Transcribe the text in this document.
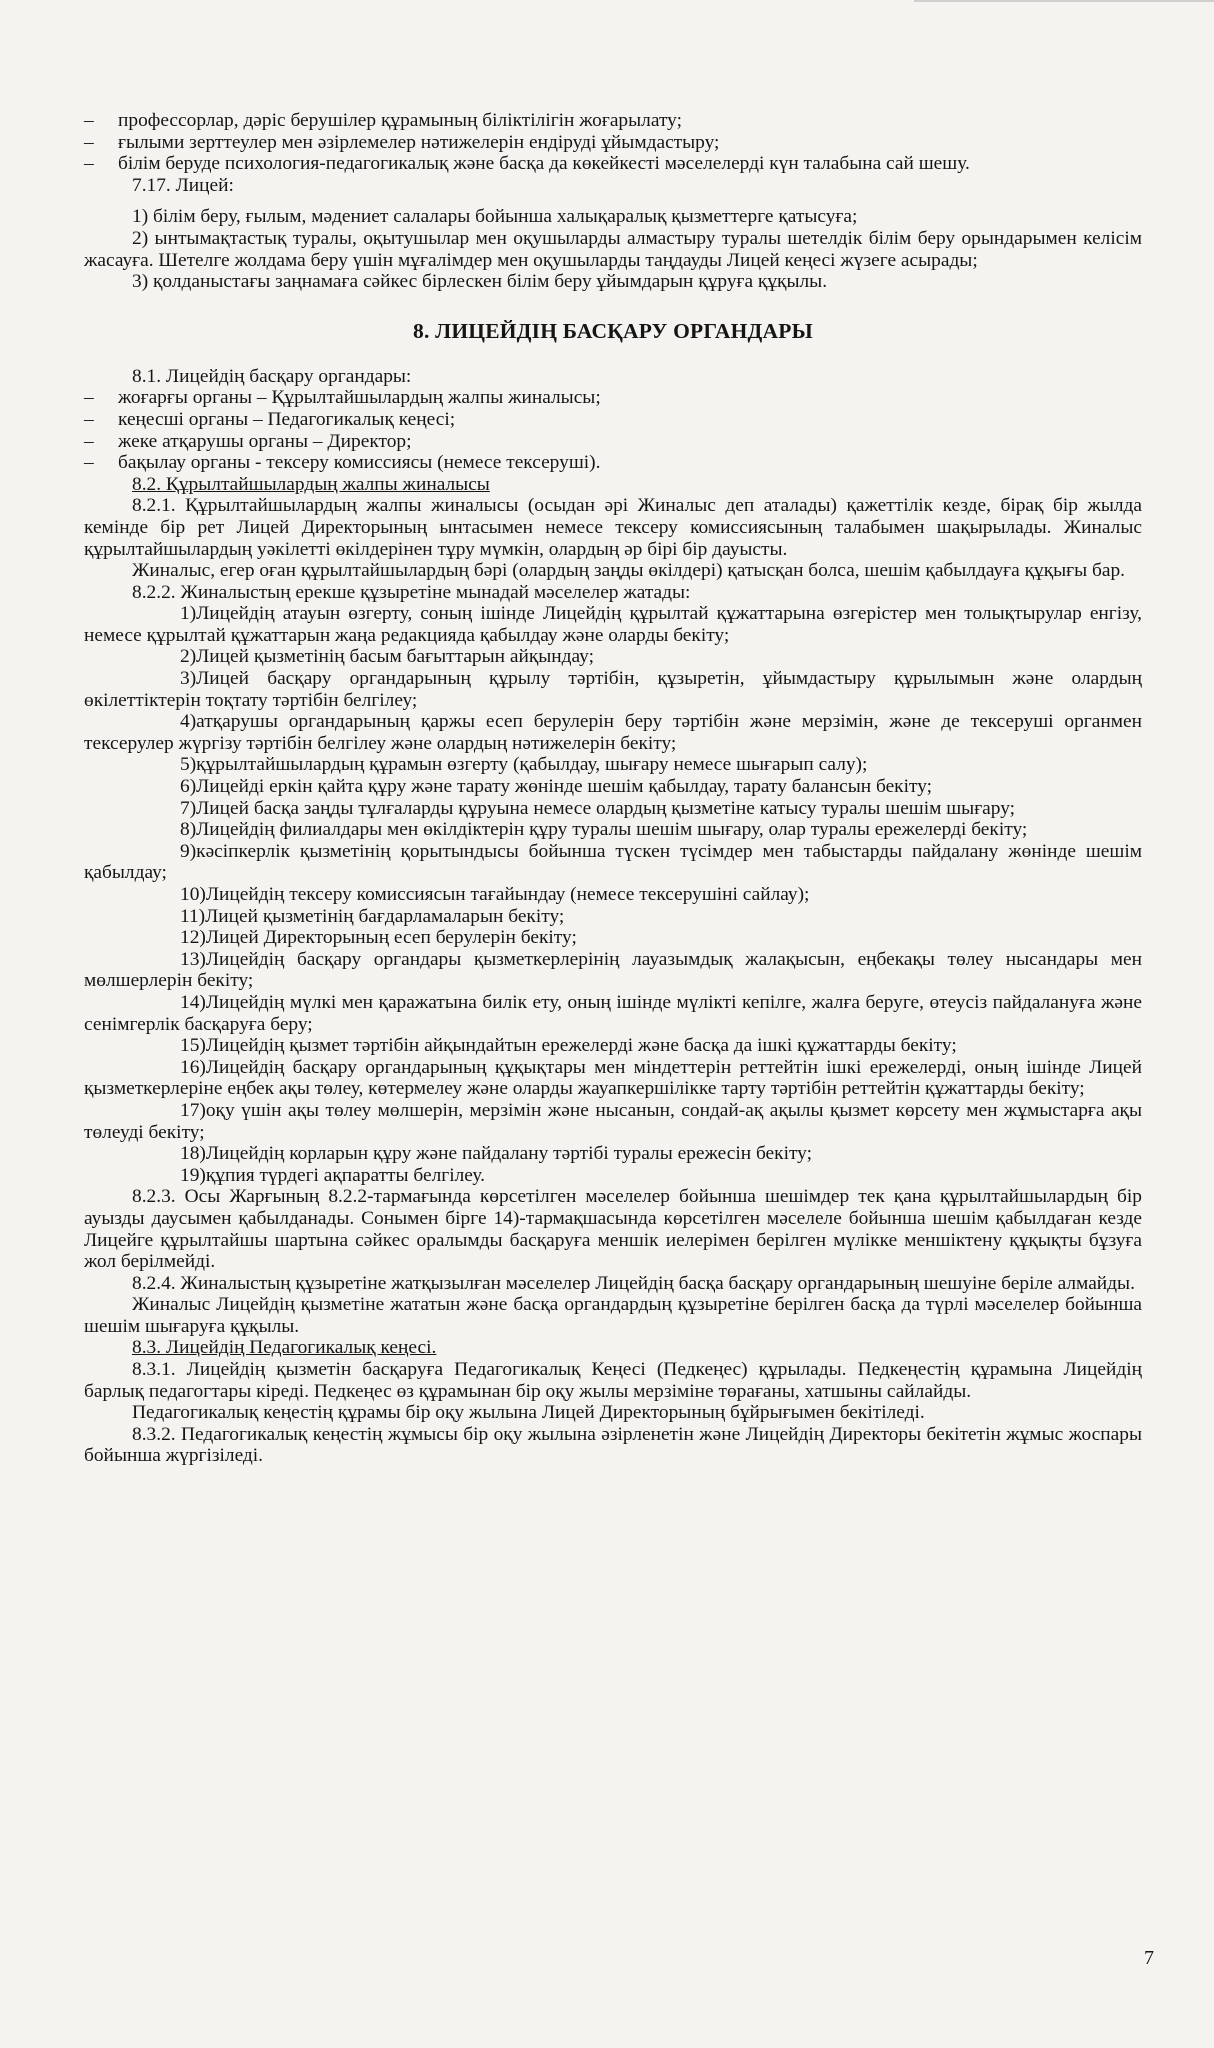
–	професcорлар, дәріс берушілер құрамының біліктілігін жоғарылату;
–	ғылыми зерттеулер мен әзірлемелер нәтижелерін ендіруді ұйымдастыру;
–	білім беруде психология-педагогикалық және басқа да көкейкесті мәселелерді күн талабына сай шешу.

7.17. Лицей:

1) білім беру, ғылым, мәдениет салалары бойынша халықаралық қызметтерге қатысуға;

2) ынтымақтастық туралы, оқытушылар мен оқушыларды алмастыру туралы шетелдік білім беру орындарымен келісім жасауға. Шетелге жолдама беру үшін мұғалімдер мен оқушыларды таңдауды Лицей кеңесі жүзеге асырады;

3) қолданыстағы заңнамаға сәйкес бірлескен білім беру ұйымдарын құруға құқылы.

8. ЛИЦЕЙДІҢ БАСҚАРУ ОРГАНДАРЫ

8.1. Лицейдің басқару органдары:

–	жоғарғы органы – Құрылтайшылардың жалпы жиналысы;
–	кеңесші органы – Педагогикалық кеңесі;
–	жеке атқарушы органы – Директор;
–	бақылау органы - тексеру комиссиясы (немесе тексеруші).

8.2. Құрылтайшылардың жалпы жиналысы

8.2.1. Құрылтайшылардың жалпы жиналысы (осыдан әрі Жиналыс деп аталады) қажеттілік кезде, бірақ бір жылда кемінде бір рет Лицей Директорының ынтасымен немесе тексеру комиссиясының талабымен шақырылады. Жиналыс құрылтайшылардың уәкілетті өкілдерінен тұру мүмкін, олардың әр бірі бір дауысты.

Жиналыс, егер оған құрылтайшылардың бәрі (олардың заңды өкілдері) қатысқан болса, шешім қабылдауға құқығы бар.

8.2.2. Жиналыстың ерекше құзыретіне мынадай мәселелер жатады:

1)Лицейдің атауын өзгерту, соның ішінде Лицейдің құрылтай құжаттарына өзгерістер мен толықтырулар енгізу, немесе құрылтай құжаттарын жаңа редакцияда қабылдау және оларды бекіту;

2)Лицей қызметінің басым бағыттарын айқындау;

3)Лицей басқару органдарының құрылу тәртібін, құзыретін, ұйымдастыру құрылымын және олардың өкілеттіктерін тоқтату тәртібін белгілеу;

4)атқарушы органдарының қаржы есеп берулерін беру тәртібін және мерзімін, және де тексеруші органмен тексерулер жүргізу тәртібін белгілеу және олардың нәтижелерін бекіту;

5)құрылтайшылардың құрамын өзгерту (қабылдау, шығару немесе шығарып салу);

6)Лицейді еркін қайта құру және тарату жөнінде шешім қабылдау, тарату балансын бекіту;

7)Лицей басқа заңды тұлғаларды құруына немесе олардың қызметіне катысу туралы шешім шығару;

8)Лицейдің филиалдары мен өкілдіктерін құру туралы шешім шығару, олар туралы ережелерді бекіту;

9)кәсіпкерлік қызметінің қорытындысы бойынша түскен түсімдер мен табыстарды пайдалану жөнінде шешім қабылдау;

10)Лицейдің тексеру комиссиясын тағайындау (немесе тексерушіні сайлау);

11)Лицей қызметінің бағдарламаларын бекіту;

12)Лицей Директорының есеп берулерін бекіту;

13)Лицейдің басқару органдары қызметкерлерінің лауазымдық жалақысын, еңбекақы төлеу нысандары мен мөлшерлерін бекіту;

14)Лицейдің мүлкі мен қаражатына билік ету, оның ішінде мүлікті кепілге, жалға беруге, өтеусіз пайдалануға және сенімгерлік басқаруға беру;

15)Лицейдің қызмет тәртібін айқындайтын ережелерді және басқа да ішкі құжаттарды бекіту;

16)Лицейдің басқару органдарының құқықтары мен міндеттерін реттейтін ішкі ережелерді, оның ішінде Лицей қызметкерлеріне еңбек ақы төлеу, көтермелеу және оларды жауапкершілікке тарту тәртібін реттейтін құжаттарды бекіту;

17)оқу үшін ақы төлеу мөлшерін, мерзімін және нысанын, сондай-ақ ақылы қызмет көрсету мен жұмыстарға ақы төлеуді бекіту;

18)Лицейдің корларын құру және пайдалану тәртібі туралы ережесін бекіту;

19)құпия түрдегі ақпаратты белгілеу.

8.2.3. Осы Жарғының 8.2.2-тармағында көрсетілген мәселелер бойынша шешімдер тек қана құрылтайшылардың бір ауызды даусымен қабылданады. Сонымен бірге 14)-тармақшасында көрсетілген мәселеле бойынша шешім қабылдаған кезде Лицейге құрылтайшы шартына сәйкес оралымды басқаруға меншік иелерімен берілген мүлікке меншіктену құқықты бұзуға жол берілмейді.

8.2.4. Жиналыстың құзыретіне жатқызылған мәселелер Лицейдің басқа басқару органдарының шешуіне беріле алмайды.

Жиналыс Лицейдің қызметіне жататын және басқа органдардың құзыретіне берілген басқа да түрлі мәселелер бойынша шешім шығаруға құқылы.

8.3. Лицейдің Педагогикалық кеңесі.

8.3.1. Лицейдің қызметін басқаруға Педагогикалық Кеңесі (Педкеңес) құрылады. Педкеңестің құрамына Лицейдің барлық педагогтары кіреді. Педкеңес өз құрамынан бір оқу жылы мерзіміне төрағаны, хатшыны сайлайды.

Педагогикалық кеңестің құрамы бір оқу жылына Лицей Директорының бұйрығымен бекітіледі.

8.3.2. Педагогикалық кеңестің жұмысы бір оқу жылына әзірленетін және Лицейдің Директоры бекітетін жұмыс жоспары бойынша жүргізіледі.

7
